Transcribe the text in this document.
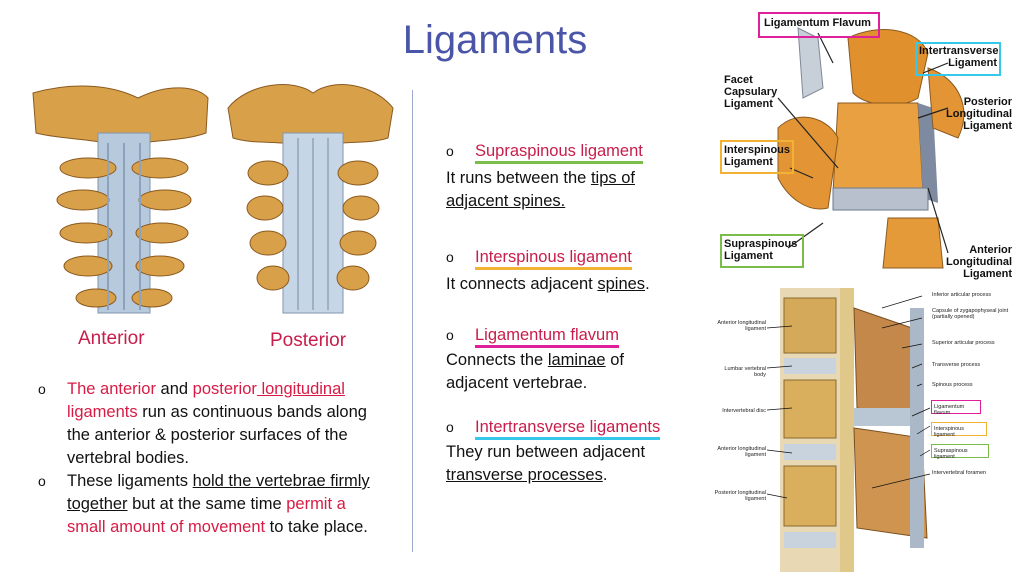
Ligaments
Anterior	Posterior
o The anterior and posterior longitudinal
ligaments run as continuous bands along the anterior & posterior surfaces of the vertebral bodies.
o These ligaments hold the vertebrae firmly together but at the same time permit a small amount of movement to take place.
o	Supraspinous ligament
It runs between the tips of adjacent spines.
o	Interspinous ligament
It connects adjacent spines.
o	Ligamentum flavum
Connects the laminae of adjacent vertebrae.
o	Intertransverse ligaments
They run between adjacent transverse processes.
Ligamentum Flavum
Intertransverse Ligament
Facet Capsulary Ligament	Posterior Longitudinal Ligament
Interspinous Ligament
Supraspinous Ligament	Anterior Longitudinal Ligament
Inferior articular process
Capsule of zygapophyseal joint (partially opened)
Anterior longitudinal ligament
Superior articular process
Transverse process
Lumbar vertebral body
Spinous process
Ligamentum flavum
Intervertebral disc
Interspinous ligament
Anterior longitudinal ligament
Supraspinous ligament
Intervertebral foramen
Posterior longitudinal ligament
